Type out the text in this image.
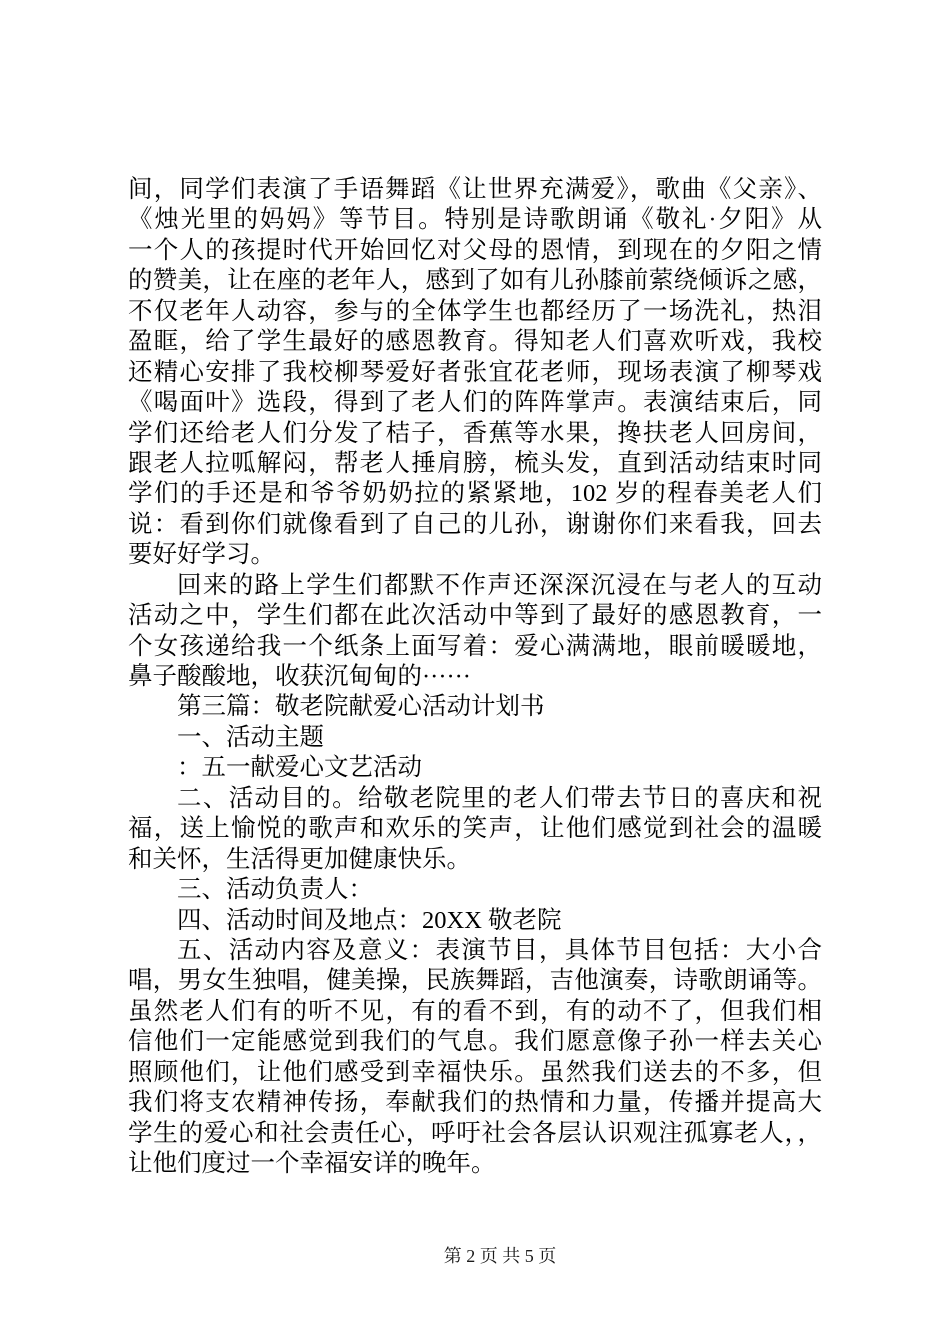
间，同学们表演了手语舞蹈《让世界充满爱》，歌曲《父亲》、
《烛光里的妈妈》等节目。特别是诗歌朗诵《敬礼·夕阳》从
一个人的孩提时代开始回忆对父母的恩情，到现在的夕阳之情
的赞美，让在座的老年人，感到了如有儿孙膝前萦绕倾诉之感，
不仅老年人动容，参与的全体学生也都经历了一场洗礼，热泪
盈眶，给了学生最好的感恩教育。得知老人们喜欢听戏，我校
还精心安排了我校柳琴爱好者张宜花老师，现场表演了柳琴戏
《喝面叶》选段，得到了老人们的阵阵掌声。表演结束后，同
学们还给老人们分发了桔子，香蕉等水果，搀扶老人回房间，
跟老人拉呱解闷，帮老人捶肩膀，梳头发，直到活动结束时同
学们的手还是和爷爷奶奶拉的紧紧地，102 岁的程春美老人们
说：看到你们就像看到了自己的儿孙，谢谢你们来看我，回去
要好好学习。
回来的路上学生们都默不作声还深深沉浸在与老人的互动
活动之中，学生们都在此次活动中等到了最好的感恩教育，一
个女孩递给我一个纸条上面写着：爱心满满地，眼前暖暖地，
鼻子酸酸地，收获沉甸甸的······
第三篇：敬老院献爱心活动计划书
一、活动主题
：五一献爱心文艺活动
二、活动目的。给敬老院里的老人们带去节日的喜庆和祝
福，送上愉悦的歌声和欢乐的笑声，让他们感觉到社会的温暖
和关怀，生活得更加健康快乐。
三、活动负责人：
四、活动时间及地点：20XX 敬老院
五、活动内容及意义：表演节目，具体节目包括：大小合
唱，男女生独唱，健美操，民族舞蹈，吉他演奏，诗歌朗诵等。
虽然老人们有的听不见，有的看不到，有的动不了，但我们相
信他们一定能感觉到我们的气息。我们愿意像子孙一样去关心
照顾他们，让他们感受到幸福快乐。虽然我们送去的不多，但
我们将支农精神传扬，奉献我们的热情和力量，传播并提高大
学生的爱心和社会责任心，呼吁社会各层认识观注孤寡老人，，
让他们度过一个幸福安详的晚年。
第 2 页 共 5 页
